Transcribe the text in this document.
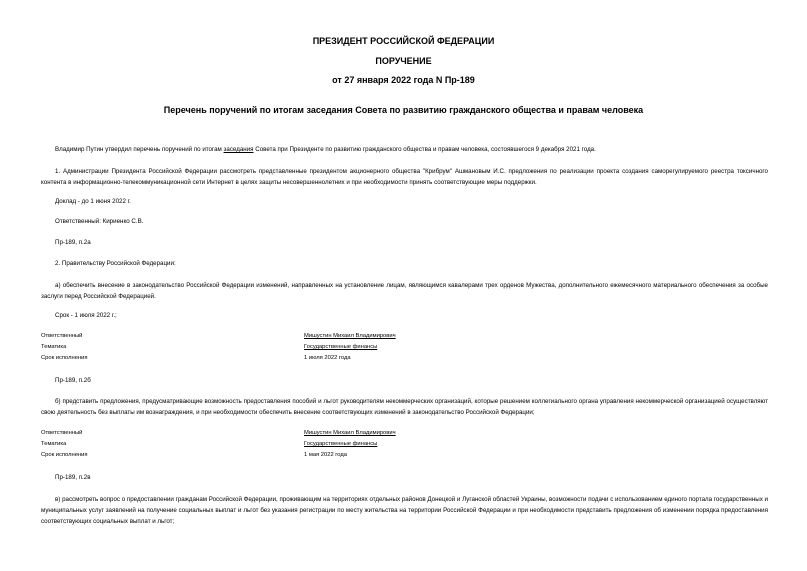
ПРЕЗИДЕНТ РОССИЙСКОЙ ФЕДЕРАЦИИ
ПОРУЧЕНИЕ
от 27 января 2022 года N Пр-189
Перечень поручений по итогам заседания Совета по развитию гражданского общества и правам человека
Владимир Путин утвердил перечень поручений по итогам заседания Совета при Президенте по развитию гражданского общества и правам человека, состоявшегося 9 декабря 2021 года.
1. Администрации Президента Российской Федерации рассмотреть представленные президентом акционерного общества "Крибрум" Ашмановым И.С. предложения по реализации проекта создания саморегулируемого реестра токсичного контента в информационно-телекоммуникационной сети Интернет в целях защиты несовершеннолетних и при необходимости принять соответствующие меры поддержки.
Доклад - до 1 июня 2022 г.
Ответственный: Кириенко С.В.
Пр-189, п.2а
2. Правительству Российской Федерации:
а) обеспечить внесение в законодательство Российской Федерации изменений, направленных на установление лицам, являющимся кавалерами трех орденов Мужества, дополнительного ежемесячного материального обеспечения за особые заслуги перед Российской Федерацией.
Срок - 1 июля 2022 г.;
Ответственный	Мишустин Михаил Владимирович
Тематика	Государственные финансы
Срок исполнения	1 июля 2022 года
Пр-189, п.2б
б) представить предложения, предусматривающие возможность предоставления пособий и льгот руководителям некоммерческих организаций, которые решением коллегиального органа управления некоммерческой организацией осуществляют свою деятельность без выплаты им вознаграждения, и при необходимости обеспечить внесение соответствующих изменений в законодательство Российской Федерации;
Ответственный	Мишустин Михаил Владимирович
Тематика	Государственные финансы
Срок исполнения	1 мая 2022 года
Пр-189, п.2в
в) рассмотреть вопрос о предоставлении гражданам Российской Федерации, проживающим на территориях отдельных районов Донецкой и Луганской областей Украины, возможности подачи с использованием единого портала государственных и муниципальных услуг заявлений на получение социальных выплат и льгот без указания регистрации по месту жительства на территории Российской Федерации и при необходимости представить предложения об изменении порядка предоставления соответствующих социальных выплат и льгот;
